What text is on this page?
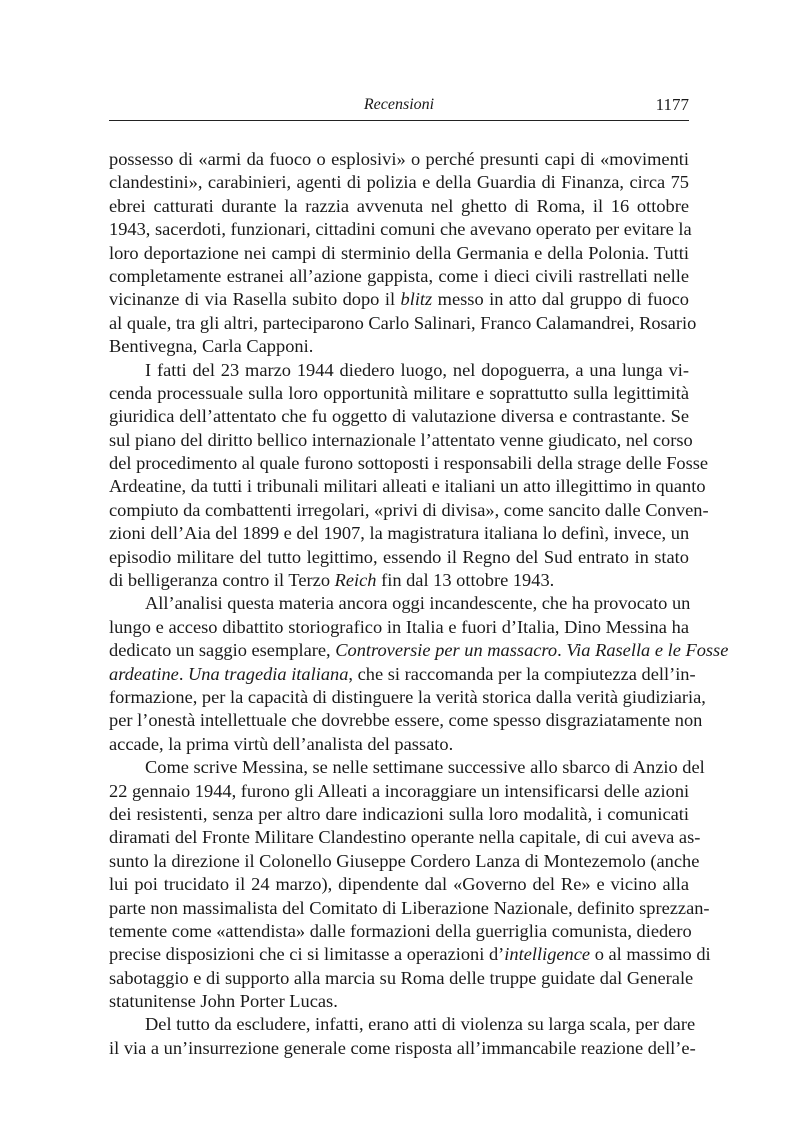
Recensioni	1177
possesso di «armi da fuoco o esplosivi» o perché presunti capi di «movimenti
clandestini», carabinieri, agenti di polizia e della Guardia di Finanza, circa 75
ebrei catturati durante la razzia avvenuta nel ghetto di Roma, il 16 ottobre
1943, sacerdoti, funzionari, cittadini comuni che avevano operato per evitare la
loro deportazione nei campi di sterminio della Germania e della Polonia. Tutti
completamente estranei all’azione gappista, come i dieci civili rastrellati nelle
vicinanze di via Rasella subito dopo il blitz messo in atto dal gruppo di fuoco
al quale, tra gli altri, parteciparono Carlo Salinari, Franco Calamandrei, Rosario
Bentivegna, Carla Capponi.
I fatti del 23 marzo 1944 diedero luogo, nel dopoguerra, a una lunga vi-
cenda processuale sulla loro opportunità militare e soprattutto sulla legittimità
giuridica dell’attentato che fu oggetto di valutazione diversa e contrastante. Se
sul piano del diritto bellico internazionale l’attentato venne giudicato, nel corso
del procedimento al quale furono sottoposti i responsabili della strage delle Fosse
Ardeatine, da tutti i tribunali militari alleati e italiani un atto illegittimo in quanto
compiuto da combattenti irregolari, «privi di divisa», come sancito dalle Conven-
zioni dell’Aia del 1899 e del 1907, la magistratura italiana lo definì, invece, un
episodio militare del tutto legittimo, essendo il Regno del Sud entrato in stato
di belligeranza contro il Terzo Reich fin dal 13 ottobre 1943.
All’analisi questa materia ancora oggi incandescente, che ha provocato un
lungo e acceso dibattito storiografico in Italia e fuori d’Italia, Dino Messina ha
dedicato un saggio esemplare, Controversie per un massacro. Via Rasella e le Fosse
ardeatine. Una tragedia italiana, che si raccomanda per la compiutezza dell’in-
formazione, per la capacità di distinguere la verità storica dalla verità giudiziaria,
per l’onestà intellettuale che dovrebbe essere, come spesso disgraziatamente non
accade, la prima virtù dell’analista del passato.
Come scrive Messina, se nelle settimane successive allo sbarco di Anzio del
22 gennaio 1944, furono gli Alleati a incoraggiare un intensificarsi delle azioni
dei resistenti, senza per altro dare indicazioni sulla loro modalità, i comunicati
diramati del Fronte Militare Clandestino operante nella capitale, di cui aveva as-
sunto la direzione il Colonello Giuseppe Cordero Lanza di Montezemolo (anche
lui poi trucidato il 24 marzo), dipendente dal «Governo del Re» e vicino alla
parte non massimalista del Comitato di Liberazione Nazionale, definito sprezzan-
temente come «attendista» dalle formazioni della guerriglia comunista, diedero
precise disposizioni che ci si limitasse a operazioni d’intelligence o al massimo di
sabotaggio e di supporto alla marcia su Roma delle truppe guidate dal Generale
statunitense John Porter Lucas.
Del tutto da escludere, infatti, erano atti di violenza su larga scala, per dare
il via a un’insurrezione generale come risposta all’immancabile reazione dell’e-
